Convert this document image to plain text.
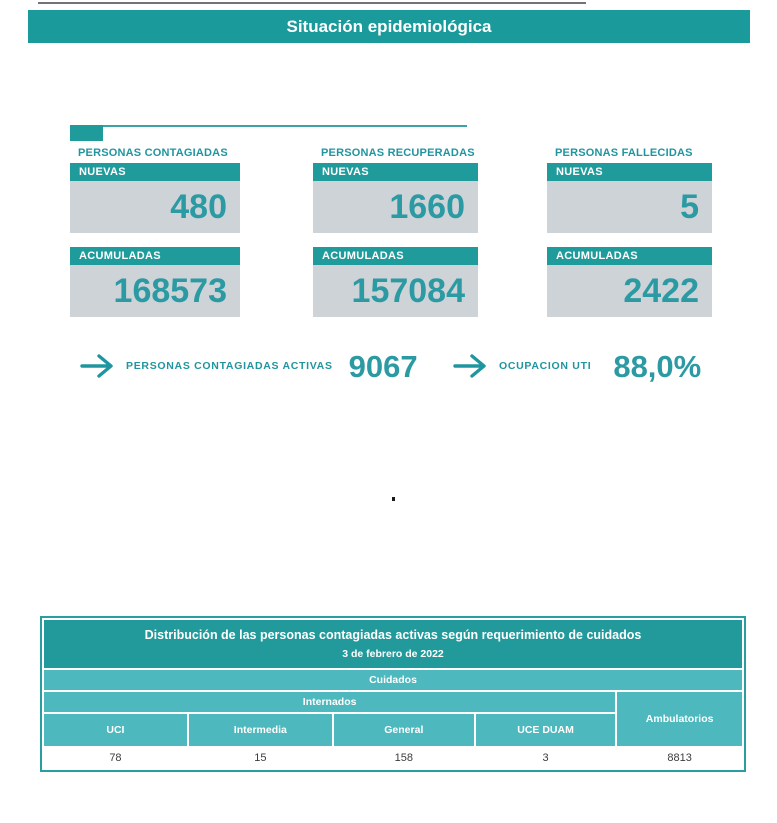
Situación epidemiológica
PERSONAS CONTAGIADAS
NUEVAS
480
ACUMULADAS
168573
PERSONAS RECUPERADAS
NUEVAS
1660
ACUMULADAS
157084
PERSONAS FALLECIDAS
NUEVAS
5
ACUMULADAS
2422
PERSONAS CONTAGIADAS ACTIVAS 9067	OCUPACION UTI 88,0%
Distribución de las personas contagiadas activas según requerimiento de cuidados
3 de febrero de 2022				

Cuidados				
Internados				Ambulatorios
UCI	Intermedia	General	UCE DUAM	
78	15	158	3	8813
